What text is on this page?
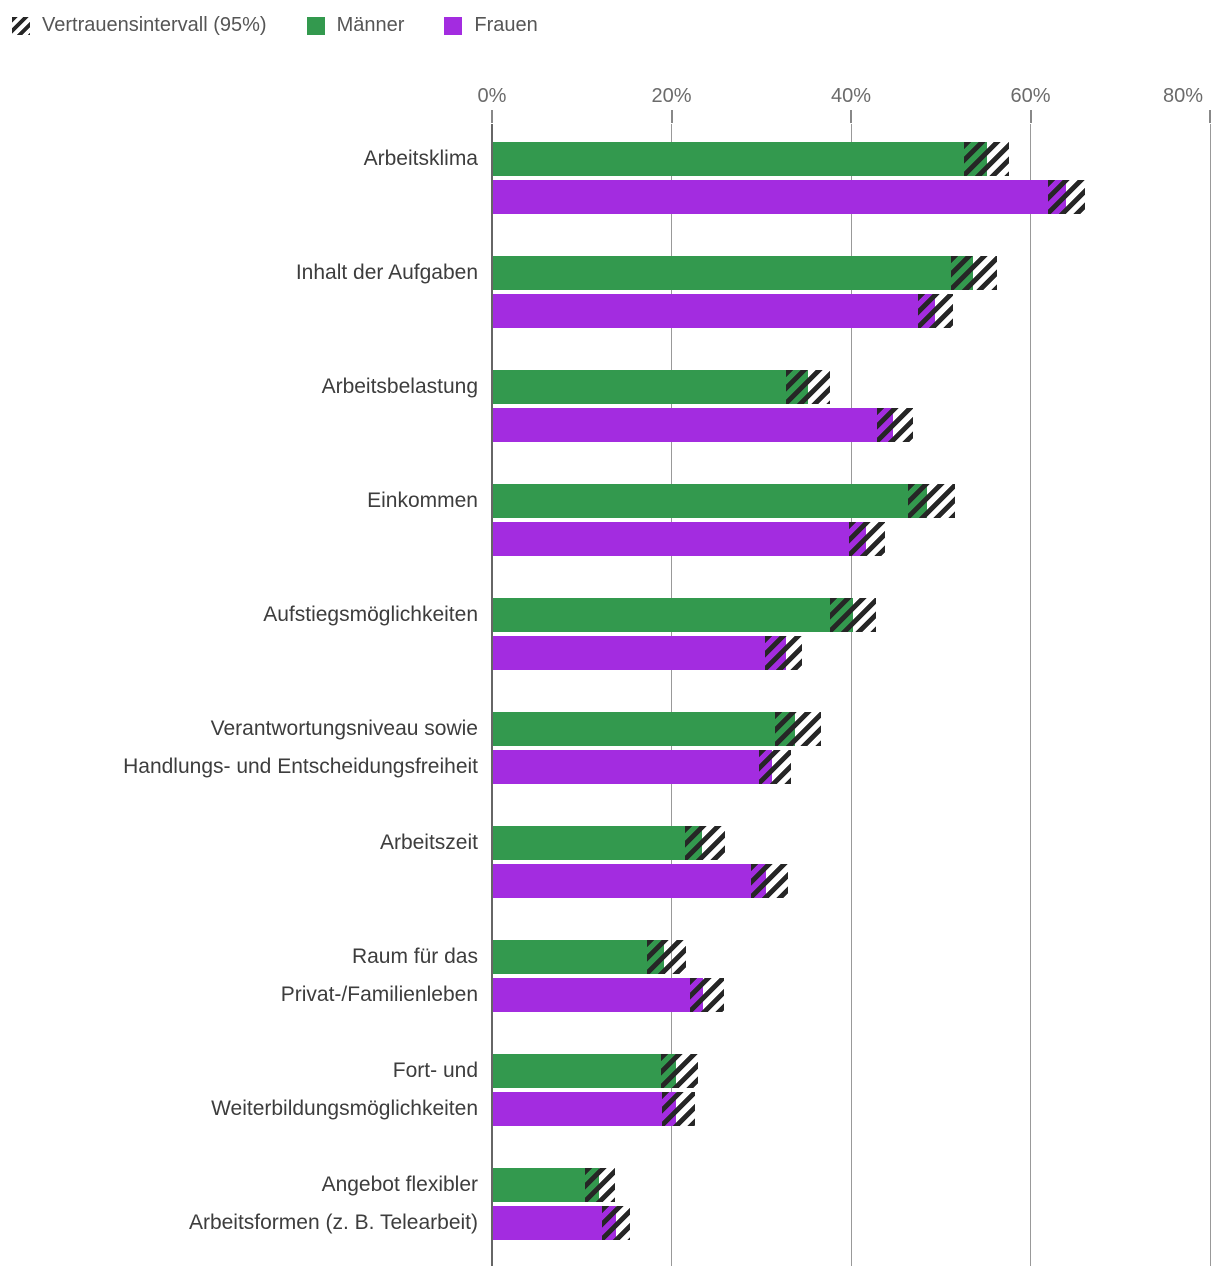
Vertrauensintervall (95%)	Männer	Frauen
0%	20%	40%	60%	80%
Arbeitsklima
Inhalt der Aufgaben
Arbeitsbelastung
Einkommen
Aufstiegsmöglichkeiten
Verantwortungsniveau sowie
Handlungs- und Entscheidungsfreiheit
Arbeitszeit
Raum für das
Privat-/Familienleben
Fort- und
Weiterbildungsmöglichkeiten
Angebot flexibler
Arbeitsformen (z. B. Telearbeit)
